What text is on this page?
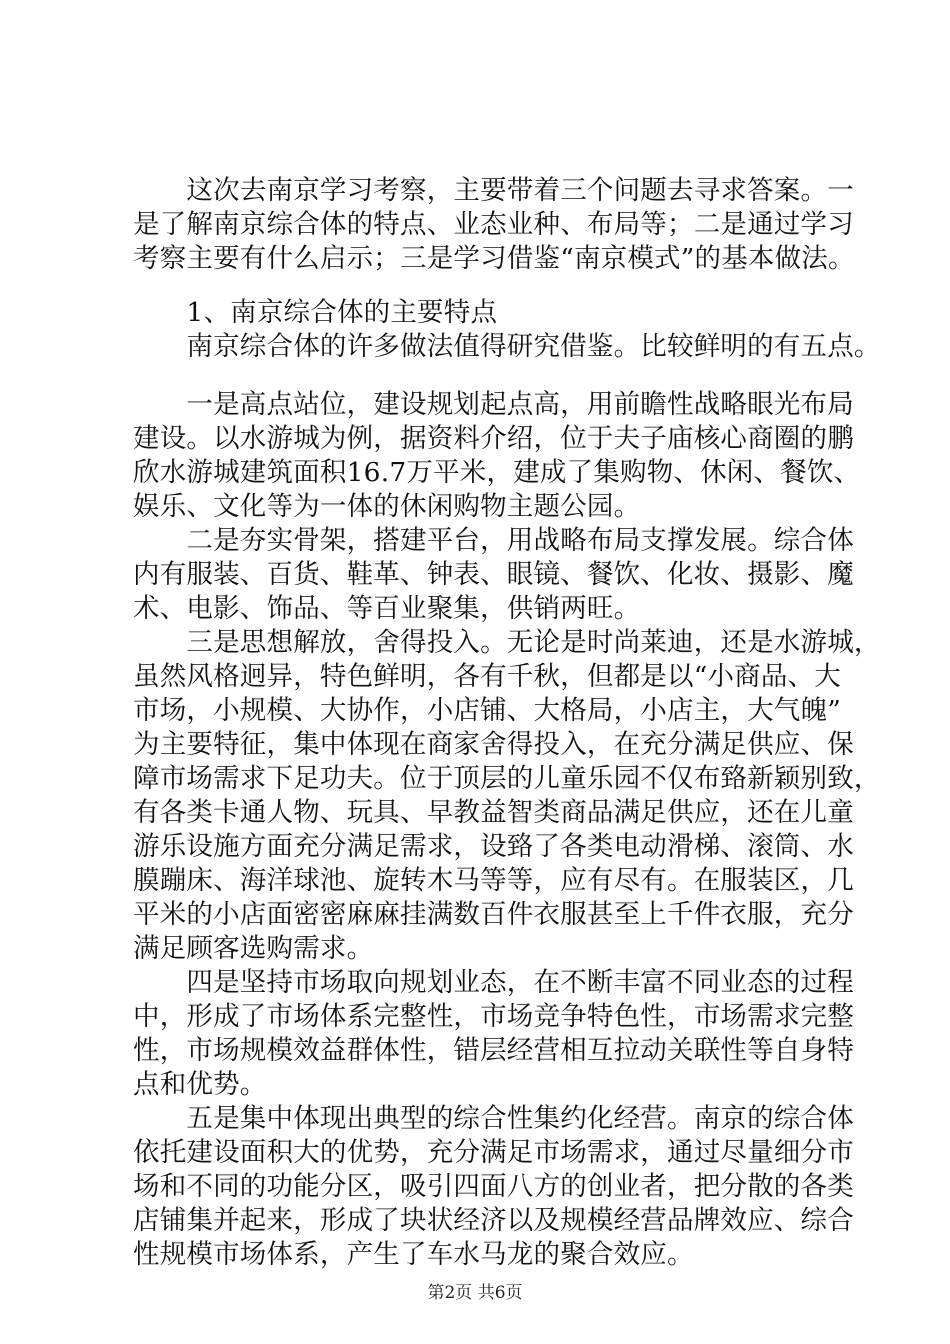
　　这次去南京学习考察，主要带着三个问题去寻求答案。一
是了解南京综合体的特点、业态业种、布局等；二是通过学习
考察主要有什么启示；三是学习借鉴“南京模式”的基本做法。
　　1、南京综合体的主要特点
　　南京综合体的许多做法值得研究借鉴。比较鲜明的有五点。
　　一是高点站位，建设规划起点高，用前瞻性战略眼光布局
建设。以水游城为例，据资料介绍，位于夫子庙核心商圈的鹏
欣水游城建筑面积16.7万平米，建成了集购物、休闲、餐饮、
娱乐、文化等为一体的休闲购物主题公园。
　　二是夯实骨架，搭建平台，用战略布局支撑发展。综合体
内有服装、百货、鞋革、钟表、眼镜、餐饮、化妆、摄影、魔
术、电影、饰品、等百业聚集，供销两旺。
　　三是思想解放，舍得投入。无论是时尚莱迪，还是水游城，
虽然风格迥异，特色鲜明，各有千秋，但都是以“小商品、大
市场，小规模、大协作，小店铺、大格局，小店主，大气魄”
为主要特征，集中体现在商家舍得投入，在充分满足供应、保
障市场需求下足功夫。位于顶层的儿童乐园不仅布臵新颖别致，
有各类卡通人物、玩具、早教益智类商品满足供应，还在儿童
游乐设施方面充分满足需求，设臵了各类电动滑梯、滚筒、水
膜蹦床、海洋球池、旋转木马等等，应有尽有。在服装区，几
平米的小店面密密麻麻挂满数百件衣服甚至上千件衣服，充分
满足顾客选购需求。
　　四是坚持市场取向规划业态，在不断丰富不同业态的过程
中，形成了市场体系完整性，市场竞争特色性，市场需求完整
性，市场规模效益群体性，错层经营相互拉动关联性等自身特
点和优势。
　　五是集中体现出典型的综合性集约化经营。南京的综合体
依托建设面积大的优势，充分满足市场需求，通过尽量细分市
场和不同的功能分区，吸引四面八方的创业者，把分散的各类
店铺集并起来，形成了块状经济以及规模经营品牌效应、综合
性规模市场体系，产生了车水马龙的聚合效应。
第2页 共6页
